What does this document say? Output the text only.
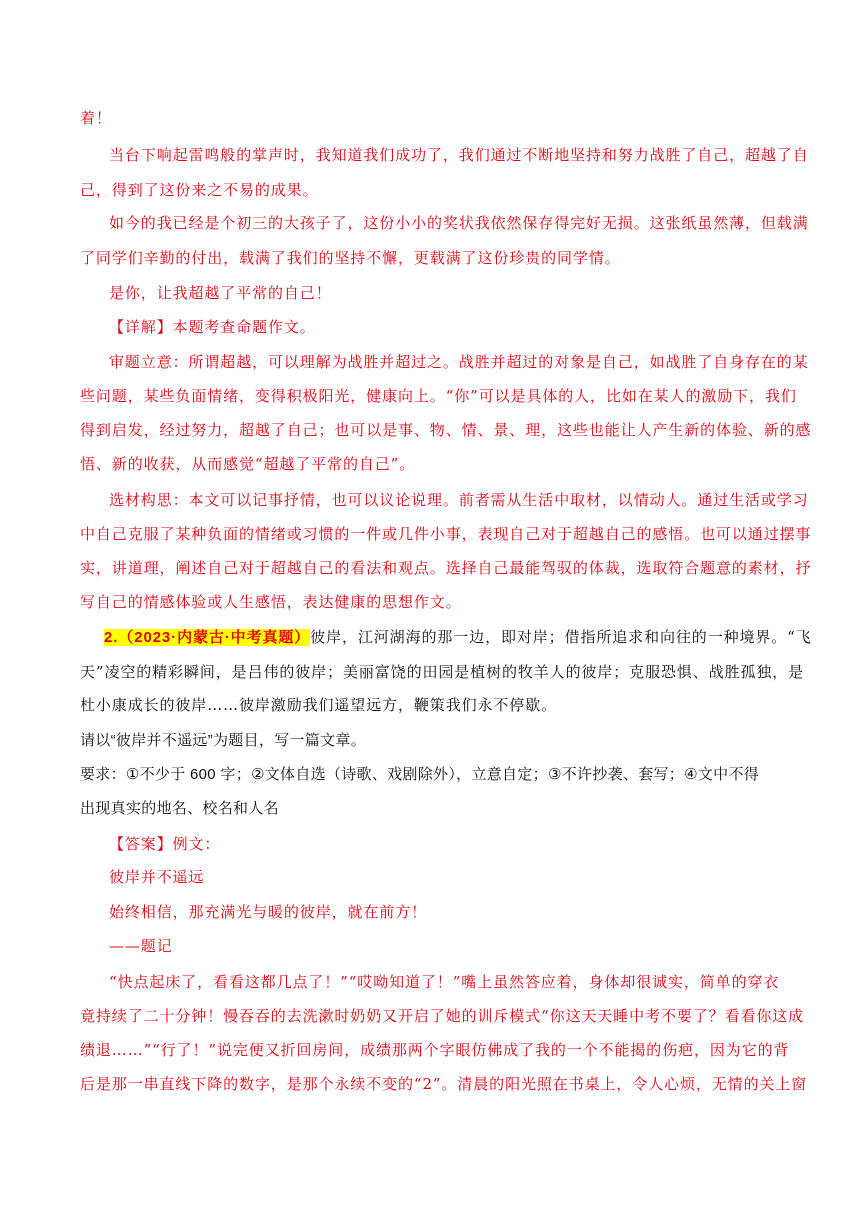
着！
当台下响起雷鸣般的掌声时，我知道我们成功了，我们通过不断地坚持和努力战胜了自己，超越了自
己，得到了这份来之不易的成果。
如今的我已经是个初三的大孩子了，这份小小的奖状我依然保存得完好无损。这张纸虽然薄，但载满
了同学们辛勤的付出，载满了我们的坚持不懈，更载满了这份珍贵的同学情。
是你，让我超越了平常的自己！
【详解】本题考查命题作文。
审题立意：所谓超越，可以理解为战胜并超过之。战胜并超过的对象是自己，如战胜了自身存在的某
些问题，某些负面情绪，变得积极阳光，健康向上。“你”可以是具体的人，比如在某人的激励下，我们
得到启发，经过努力，超越了自己；也可以是事、物、情、景、理，这些也能让人产生新的体验、新的感
悟、新的收获，从而感觉“超越了平常的自己”。
选材构思：本文可以记事抒情，也可以议论说理。前者需从生活中取材，以情动人。通过生活或学习
中自己克服了某种负面的情绪或习惯的一件或几件小事，表现自己对于超越自己的感悟。也可以通过摆事
实，讲道理，阐述自己对于超越自己的看法和观点。选择自己最能驾驭的体裁，选取符合题意的素材，抒
写自己的情感体验或人生感悟，表达健康的思想作文。
2.（2023·内蒙古·中考真题）彼岸，江河湖海的那一边，即对岸；借指所追求和向往的一种境界。“飞
天”凌空的精彩瞬间，是吕伟的彼岸；美丽富饶的田园是植树的牧羊人的彼岸；克服恐惧、战胜孤独，是
杜小康成长的彼岸……彼岸激励我们遥望远方，鞭策我们永不停歇。
请以“彼岸并不遥远”为题目，写一篇文章。
要求：①不少于 600 字；②文体自选（诗歌、戏剧除外），立意自定；③不许抄袭、套写；④文中不得
出现真实的地名、校名和人名
【答案】例文：
彼岸并不遥远
始终相信，那充满光与暖的彼岸，就在前方！
——题记
“快点起床了，看看这都几点了！”“哎呦知道了！”嘴上虽然答应着，身体却很诚实，简单的穿衣
竟持续了二十分钟！慢吞吞的去洗漱时奶奶又开启了她的训斥模式“你这天天睡中考不要了？看看你这成
绩退……”“行了！”说完便又折回房间，成绩那两个字眼仿佛成了我的一个不能揭的伤疤，因为它的背
后是那一串直线下降的数字，是那个永续不变的“2”。清晨的阳光照在书桌上，令人心烦，无情的关上窗
